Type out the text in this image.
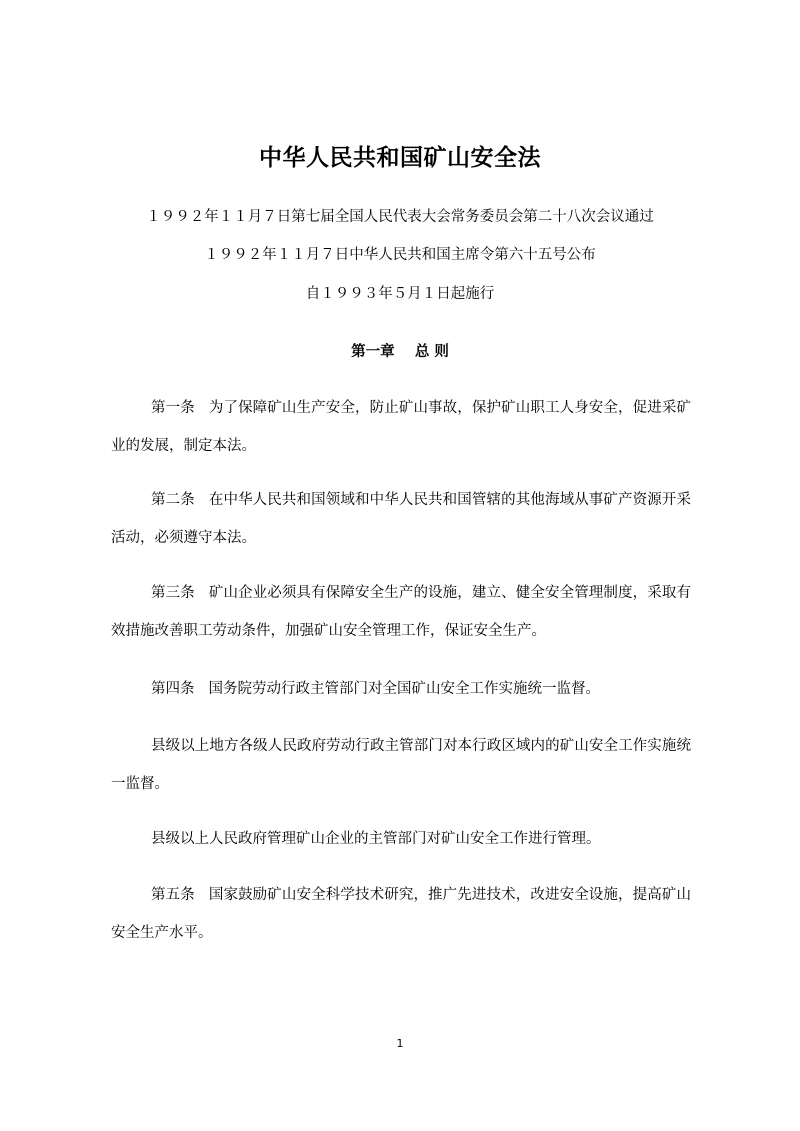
中华人民共和国矿山安全法
１９９２年１１月７日第七届全国人民代表大会常务委员会第二十八次会议通过
１９９２年１１月７日中华人民共和国主席令第六十五号公布
自１９９３年５月１日起施行
第一章 总 则
第一条 为了保障矿山生产安全，防止矿山事故，保护矿山职工人身安全，促进采矿业的发展，制定本法。
第二条 在中华人民共和国领域和中华人民共和国管辖的其他海域从事矿产资源开采活动，必须遵守本法。
第三条 矿山企业必须具有保障安全生产的设施，建立、健全安全管理制度，采取有效措施改善职工劳动条件，加强矿山安全管理工作，保证安全生产。
第四条 国务院劳动行政主管部门对全国矿山安全工作实施统一监督。
县级以上地方各级人民政府劳动行政主管部门对本行政区域内的矿山安全工作实施统一监督。
县级以上人民政府管理矿山企业的主管部门对矿山安全工作进行管理。
第五条 国家鼓励矿山安全科学技术研究，推广先进技术，改进安全设施，提高矿山安全生产水平。
1
